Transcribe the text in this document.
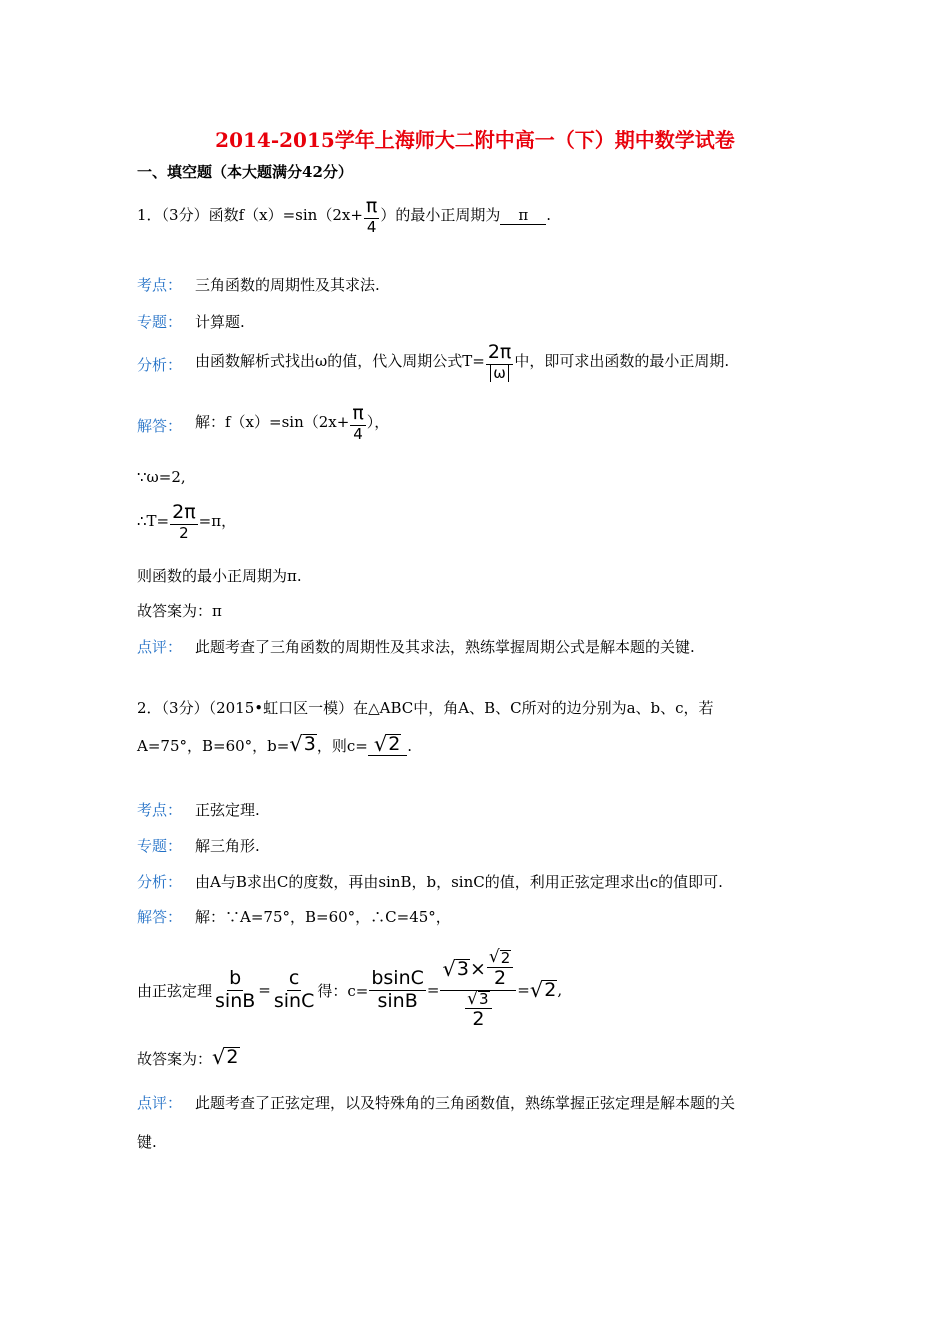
2014-2015学年上海师大二附中高一（下）期中数学试卷
一、填空题（本大题满分42分）
1．（3分）函数$f(x)=\sin(2x+ \frac{\pi}{4}$ ）的最小正周期为 π .
考点： 三角函数的周期性及其求法.
专题： 计算题.
分析： 由函数解析式找出ω的值，代入周期公式$T= \frac{2\pi}{\omega}$ 中，即可求出函数的最小正周期.
解答： 解：$f(x)=\sin(2x+ \frac{\pi}{4}$ ），
∵ω=2,
∴T= $\frac{2\pi}{2} =\pi$，
则函数的最小正周期为π.
故答案为：π
点评： 此题考查了三角函数的周期性及其求法，熟练掌握周期公式是解本题的关键.
2．（3分）（2015•虹口区一模）在△ABC中，角A、B、C所对的边分别为a、b、c，若
A=75°，B=60°，b= √ 3 ，则c= √ 2 .
考点： 正弦定理.
专题： 解三角形.
分析： 由A与B求出C的度数，再由sinB，b，sinC的值，利用正弦定理求出c的值即可.
解答： 解：∵A=75°，B=60°，∴C=45°，
由正弦定理 $\frac{b}{\sin B} = \frac{c}{\sin C}$ 得：$c= \frac{bsinC}{\sin B} = \frac{√ 3 \times \frac{√ 2}{2}}{\frac{√ 3}{2}}$ = √ 2 ,
故答案为： √ 2
点评： 此题考查了正弦定理，以及特殊角的三角函数值，熟练掌握正弦定理是解本题的关
键.
